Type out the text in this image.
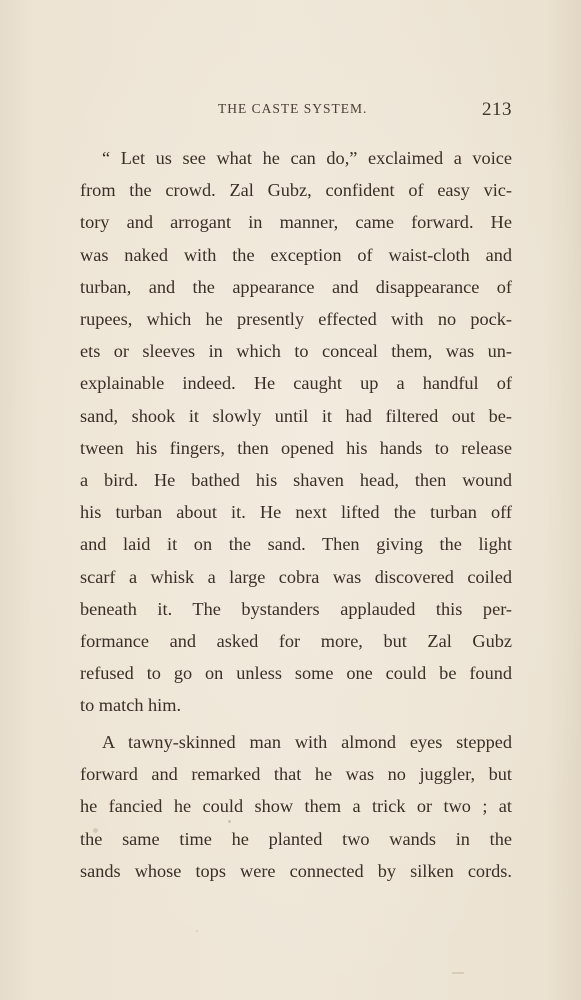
THE CASTE SYSTEM.	213
“ Let us see what he can do,” exclaimed a voice
from the crowd. Zal Gubz, confident of easy vic-
tory and arrogant in manner, came forward. He
was naked with the exception of waist-cloth and
turban, and the appearance and disappearance of
rupees, which he presently effected with no pock-
ets or sleeves in which to conceal them, was un-
explainable indeed. He caught up a handful of
sand, shook it slowly until it had filtered out be-
tween his fingers, then opened his hands to release
a bird. He bathed his shaven head, then wound
his turban about it. He next lifted the turban off
and laid it on the sand. Then giving the light
scarf a whisk a large cobra was discovered coiled
beneath it. The bystanders applauded this per-
formance and asked for more, but Zal Gubz
refused to go on unless some one could be found
to match him.
A tawny-skinned man with almond eyes stepped
forward and remarked that he was no juggler, but
he fancied he could show them a trick or two ; at
the same time he planted two wands in the
sands whose tops were connected by silken cords.
